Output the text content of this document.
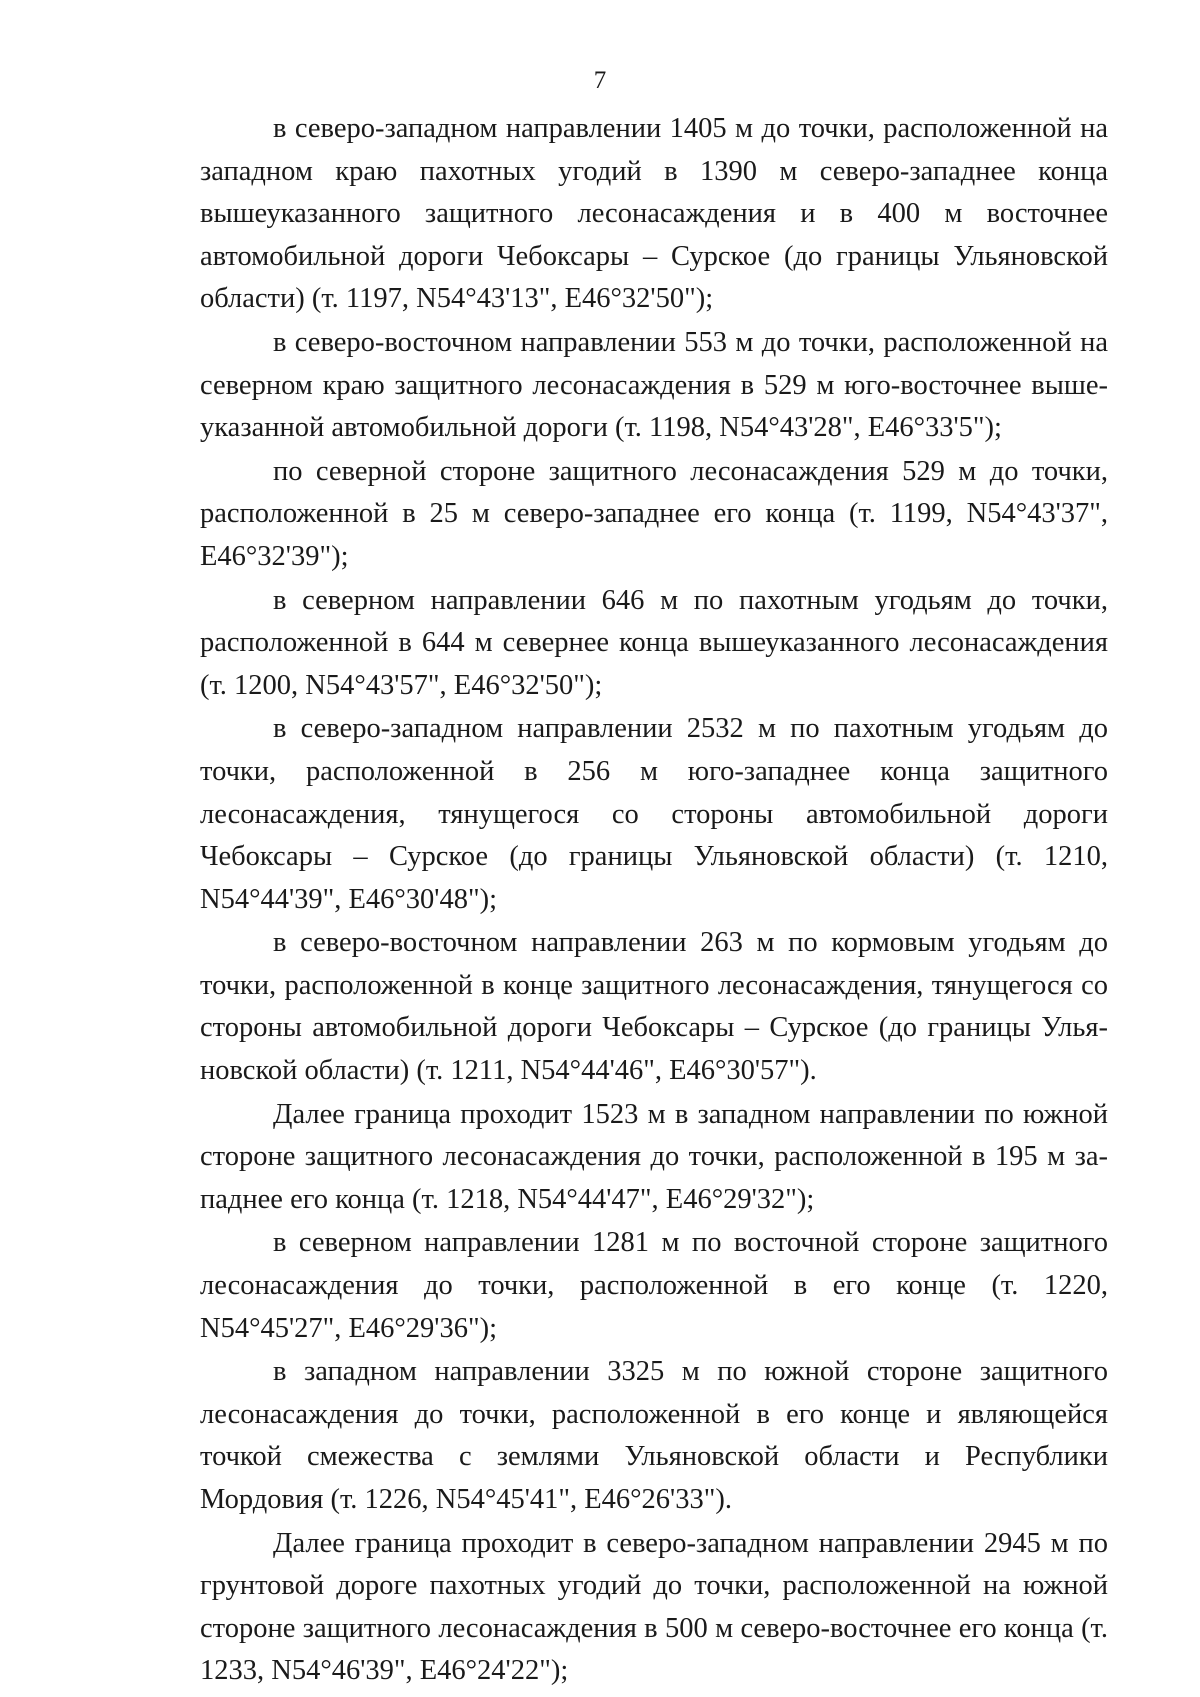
7

в северо-западном направлении 1405 м до точки, расположенной на западном краю пахотных угодий в 1390 м северо-западнее конца вышеуказанного защитного лесонасаждения и в 400 м восточнее автомобильной дороги Чебоксары – Сурское (до границы Ульяновской области) (т. 1197, N54°43'13", E46°32'50");

в северо-восточном направлении 553 м до точки, расположенной на северном краю защитного лесонасаждения в 529 м юго-восточнее вышеуказанной автомобильной дороги (т. 1198, N54°43'28", E46°33'5");

по северной стороне защитного лесонасаждения 529 м до точки, расположенной в 25 м северо-западнее его конца (т. 1199, N54°43'37", E46°32'39");

в северном направлении 646 м по пахотным угодьям до точки, расположенной в 644 м севернее конца вышеуказанного лесонасаждения (т. 1200, N54°43'57", E46°32'50");

в северо-западном направлении 2532 м по пахотным угодьям до точки, расположенной в 256 м юго-западнее конца защитного лесонасаждения, тянущегося со стороны автомобильной дороги Чебоксары – Сурское (до границы Ульяновской области) (т. 1210, N54°44'39", E46°30'48");

в северо-восточном направлении 263 м по кормовым угодьям до точки, расположенной в конце защитного лесонасаждения, тянущегося со стороны автомобильной дороги Чебоксары – Сурское (до границы Ульяновской области) (т. 1211, N54°44'46", E46°30'57").

Далее граница проходит 1523 м в западном направлении по южной стороне защитного лесонасаждения до точки, расположенной в 195 м западнее его конца (т. 1218, N54°44'47", E46°29'32");

в северном направлении 1281 м по восточной стороне защитного лесонасаждения до точки, расположенной в его конце (т. 1220, N54°45'27", E46°29'36");

в западном направлении 3325 м по южной стороне защитного лесонасаждения до точки, расположенной в его конце и являющейся точкой смежества с землями Ульяновской области и Республики Мордовия (т. 1226, N54°45'41", E46°26'33").

Далее граница проходит в северо-западном направлении 2945 м по грунтовой дороге пахотных угодий до точки, расположенной на южной стороне защитного лесонасаждения в 500 м северо-восточнее его конца (т. 1233, N54°46'39", E46°24'22");
